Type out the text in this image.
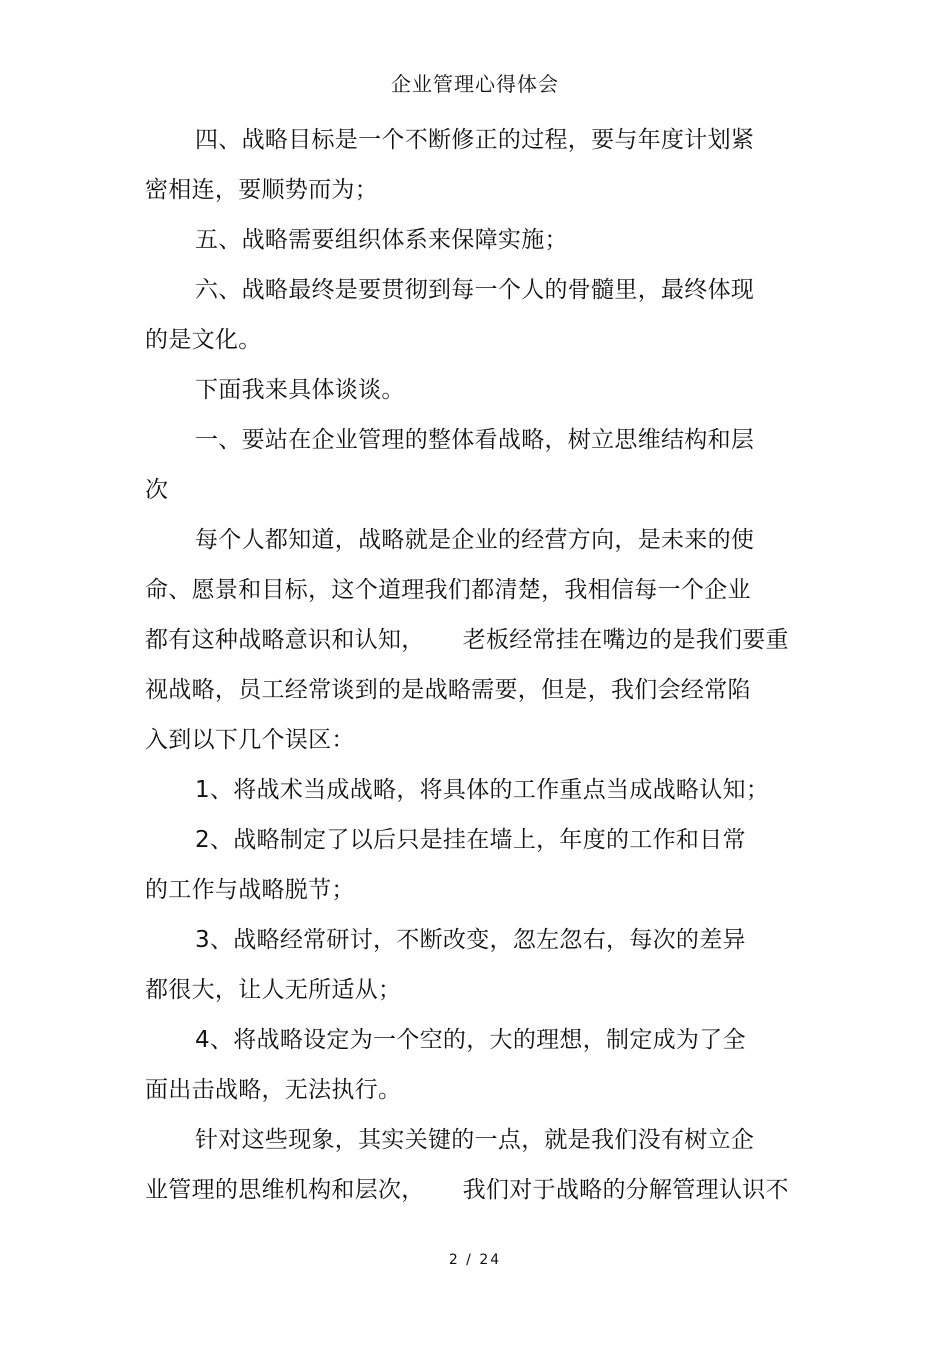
企业管理心得体会
四、战略目标是一个不断修正的过程，要与年度计划紧
密相连，要顺势而为；
五、战略需要组织体系来保障实施；
六、战略最终是要贯彻到每一个人的骨髓里，最终体现
的是文化。
下面我来具体谈谈。
一、要站在企业管理的整体看战略，树立思维结构和层
次
每个人都知道，战略就是企业的经营方向，是未来的使
命、愿景和目标，这个道理我们都清楚，我相信每一个企业
都有这种战略意识和认知，     老板经常挂在嘴边的是我们要重
视战略，员工经常谈到的是战略需要，但是，我们会经常陷
入到以下几个误区：
1、将战术当成战略，将具体的工作重点当成战略认知；
2、战略制定了以后只是挂在墙上，年度的工作和日常
的工作与战略脱节；
3、战略经常研讨，不断改变，忽左忽右，每次的差异
都很大，让人无所适从；
4、将战略设定为一个空的，大的理想，制定成为了全
面出击战略，无法执行。
针对这些现象，其实关键的一点，就是我们没有树立企
业管理的思维机构和层次，     我们对于战略的分解管理认识不
2 / 24
